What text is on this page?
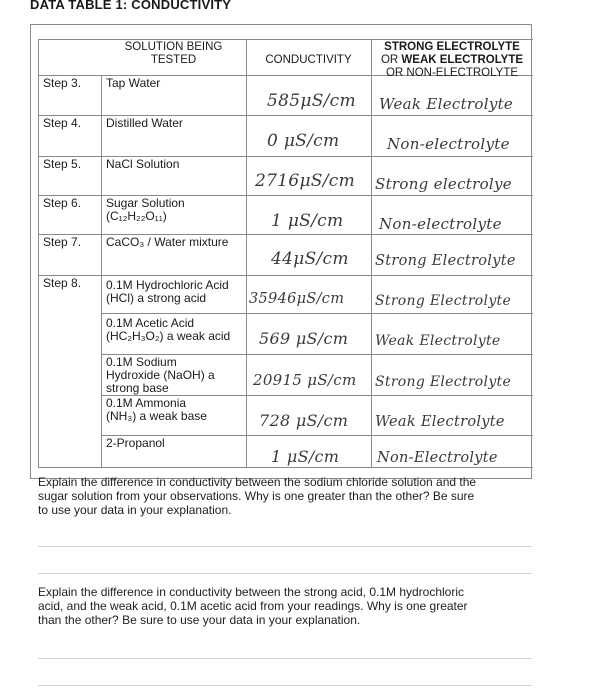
DATA TABLE 1: CONDUCTIVITY
SOLUTION BEING
TESTED	CONDUCTIVITY
STRONG ELECTROLYTE
OR WEAK ELECTROLYTE
OR NON-ELECTROLYTE
Step 3.
Step 4.
Step 5.
Step 6.
Step 7.
Step 8.
Tap Water
Distilled Water
NaCl Solution
Sugar Solution
(C₁₂H₂₂O₁₁)
CaCO₃ / Water mixture
0.1M Hydrochloric Acid
(HCl) a strong acid
0.1M Acetic Acid
(HC₂H₃O₂) a weak acid
0.1M Sodium
Hydroxide (NaOH) a
strong base
0.1M Ammonia
(NH₃) a weak base
2-Propanol
585μS/cm
0 μS/cm
2716μS/cm
1 μS/cm
44μS/cm
35946μS/cm
569 μS/cm
20915 μS/cm
728 μS/cm
1 μS/cm
Weak Electrolyte
Non-electrolyte
Strong electrolye
Non-electrolyte
Strong Electrolyte
Strong Electrolyte
Weak Electrolyte
Strong Electrolyte
Weak Electrolyte
Non-Electrolyte
Explain the difference in conductivity between the sodium chloride solution and the
sugar solution from your observations. Why is one greater than the other? Be sure
to use your data in your explanation.
Explain the difference in conductivity between the strong acid, 0.1M hydrochloric
acid, and the weak acid, 0.1M acetic acid from your readings. Why is one greater
than the other? Be sure to use your data in your explanation.
